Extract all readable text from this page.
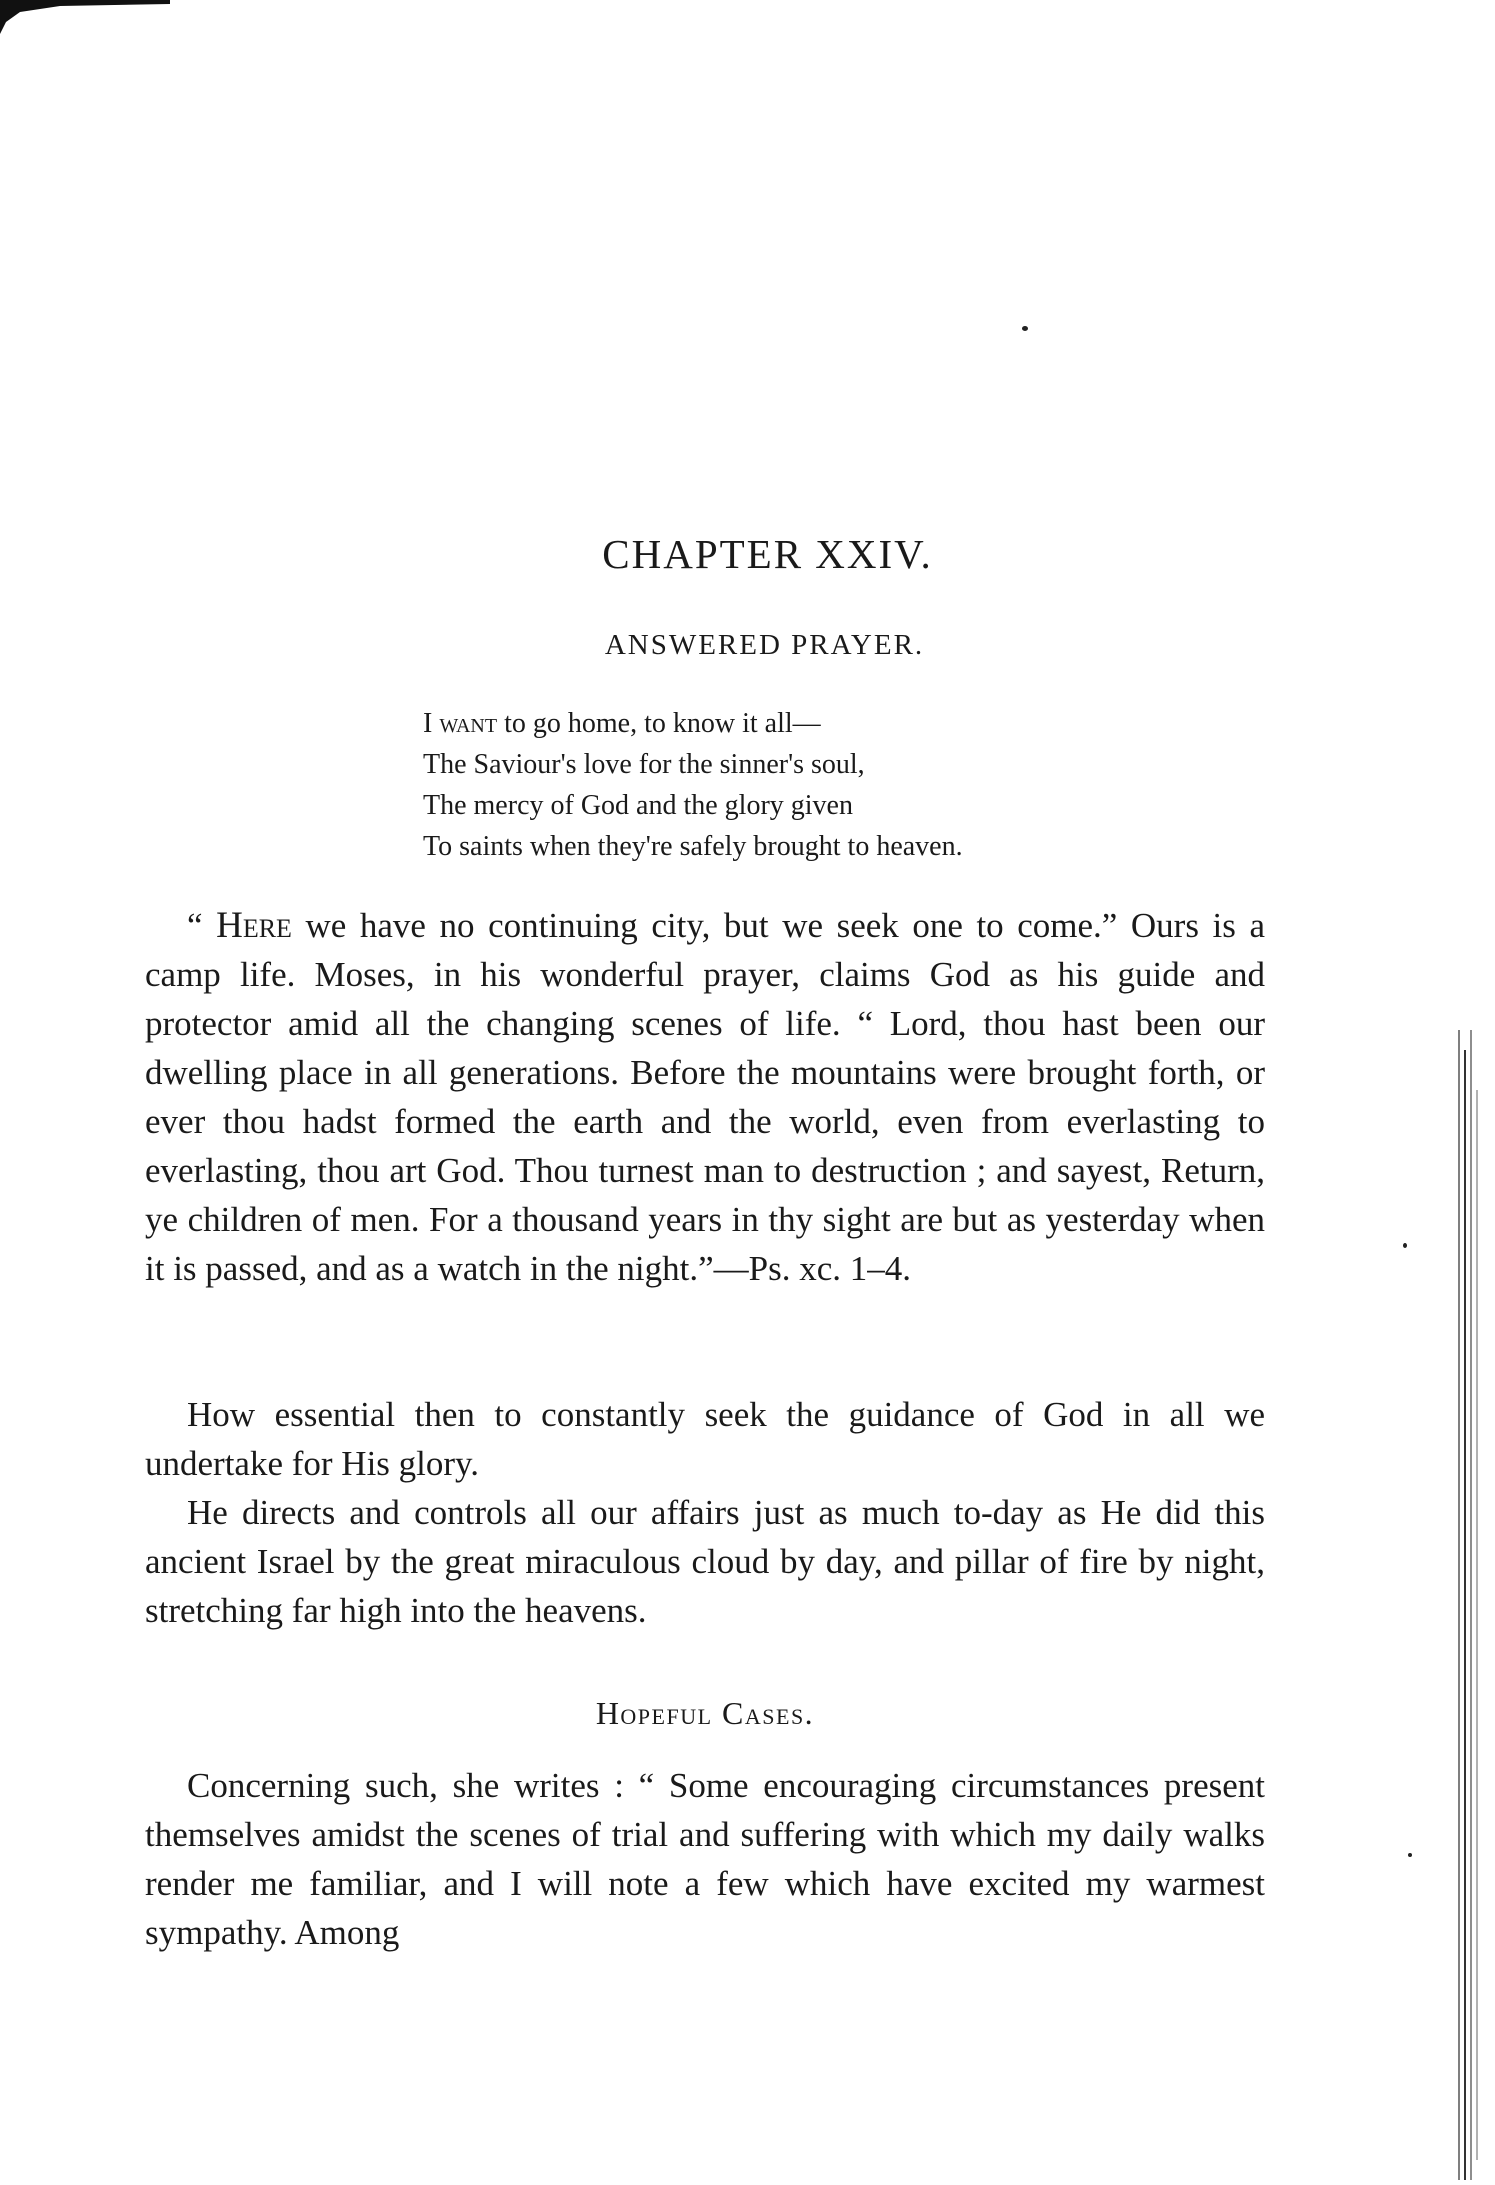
CHAPTER XXIV.
ANSWERED PRAYER.
I want to go home, to know it all—
The Saviour's love for the sinner's soul,
The mercy of God and the glory given
To saints when they're safely brought to heaven.

“ Here we have no continuing city, but we seek one to come.” Ours is a camp life. Moses, in his wonderful prayer, claims God as his guide and protector amid all the changing scenes of life. “ Lord, thou hast been our dwelling place in all generations. Before the mountains were brought forth, or ever thou hadst formed the earth and the world, even from everlasting to everlasting, thou art God. Thou turnest man to destruction ; and sayest, Return, ye children of men. For a thousand years in thy sight are but as yesterday when it is passed, and as a watch in the night.”—Ps. xc. 1–4.

How essential then to constantly seek the guidance of God in all we undertake for His glory.

He directs and controls all our affairs just as much to-day as He did this ancient Israel by the great miraculous cloud by day, and pillar of fire by night, stretching far high into the heavens.

Hopeful Cases.

Concerning such, she writes : “ Some encouraging circumstances present themselves amidst the scenes of trial and suffering with which my daily walks render me familiar, and I will note a few which have excited my warmest sympathy. Among
